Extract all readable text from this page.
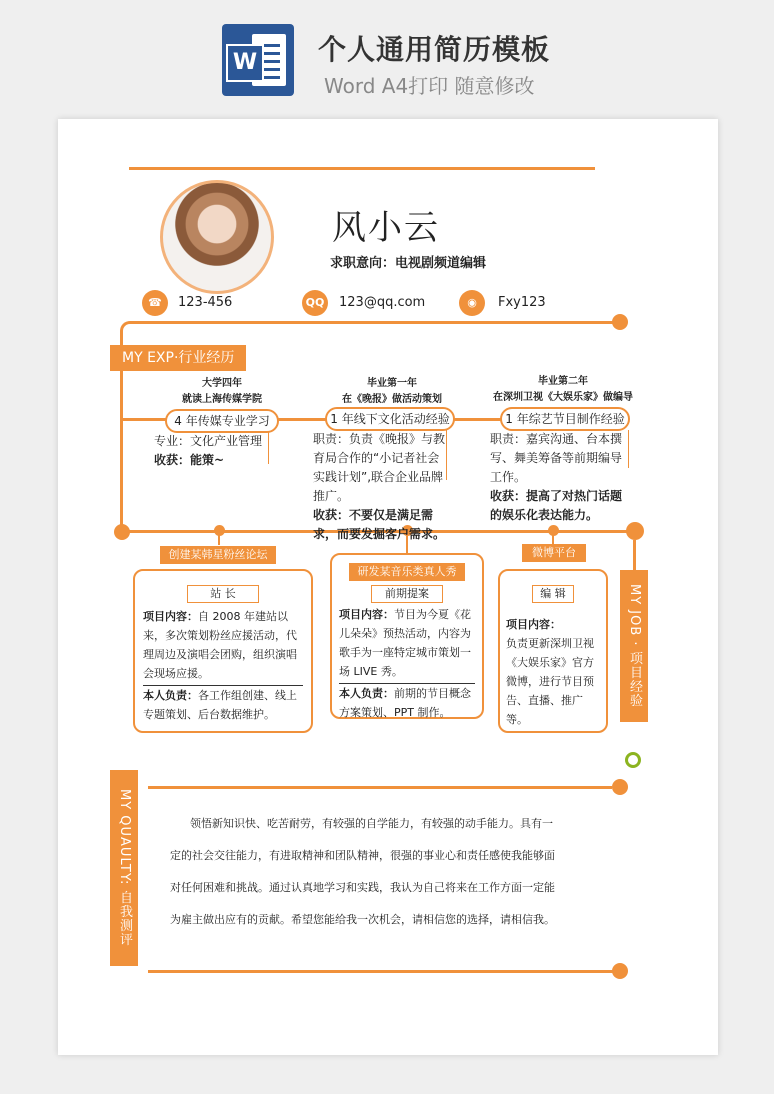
W 个人通用简历模板
Word A4打印 随意修改
风小云
求职意向：电视剧频道编辑
☎	123-456	QQ 123@qq.com	◉	Fxy123
MY EXP·行业经历
大学四年
就读上海传媒学院
4 年传媒专业学习
专业：文化产业管理
收获：能策~
毕业第一年
在《晚报》做活动策划
1 年线下文化活动经验
职责：负责《晚报》与教育局合作的“小记者社会实践计划”,联合企业品牌推广。
收获：不要仅是满足需求，而要发掘客户需求。
毕业第二年
在深圳卫视《大娱乐家》做编导
1 年综艺节目制作经验
职责：嘉宾沟通、台本撰写、舞美筹备等前期编导工作。
收获：提高了对热门话题的娱乐化表达能力。
创建某韩星粉丝论坛
站 长
项目内容：自 2008 年建站以来，多次策划粉丝应援活动，代理周边及演唱会团购，组织演唱会现场应援。
本人负责：各工作组创建、线上专题策划、后台数据维护。
研发某音乐类真人秀
前期提案
项目内容：节目为今夏《花儿朵朵》预热活动，内容为歌手为一座特定城市策划一场 LIVE 秀。
本人负责：前期的节目概念方案策划、PPT 制作。
微博平台
编 辑
项目内容：
负责更新深圳卫视《大娱乐家》官方微博，进行节目预告、直播、推广等。
MY JOB · 项目经验
MY QUAULTY: 自我测评	领悟新知识快、吃苦耐劳，有较强的自学能力，有较强的动手能力。具有一
定的社会交往能力，有进取精神和团队精神，很强的事业心和责任感使我能够面
对任何困难和挑战。通过认真地学习和实践，我认为自己将来在工作方面一定能
为雇主做出应有的贡献。希望您能给我一次机会，请相信您的选择，请相信我。
